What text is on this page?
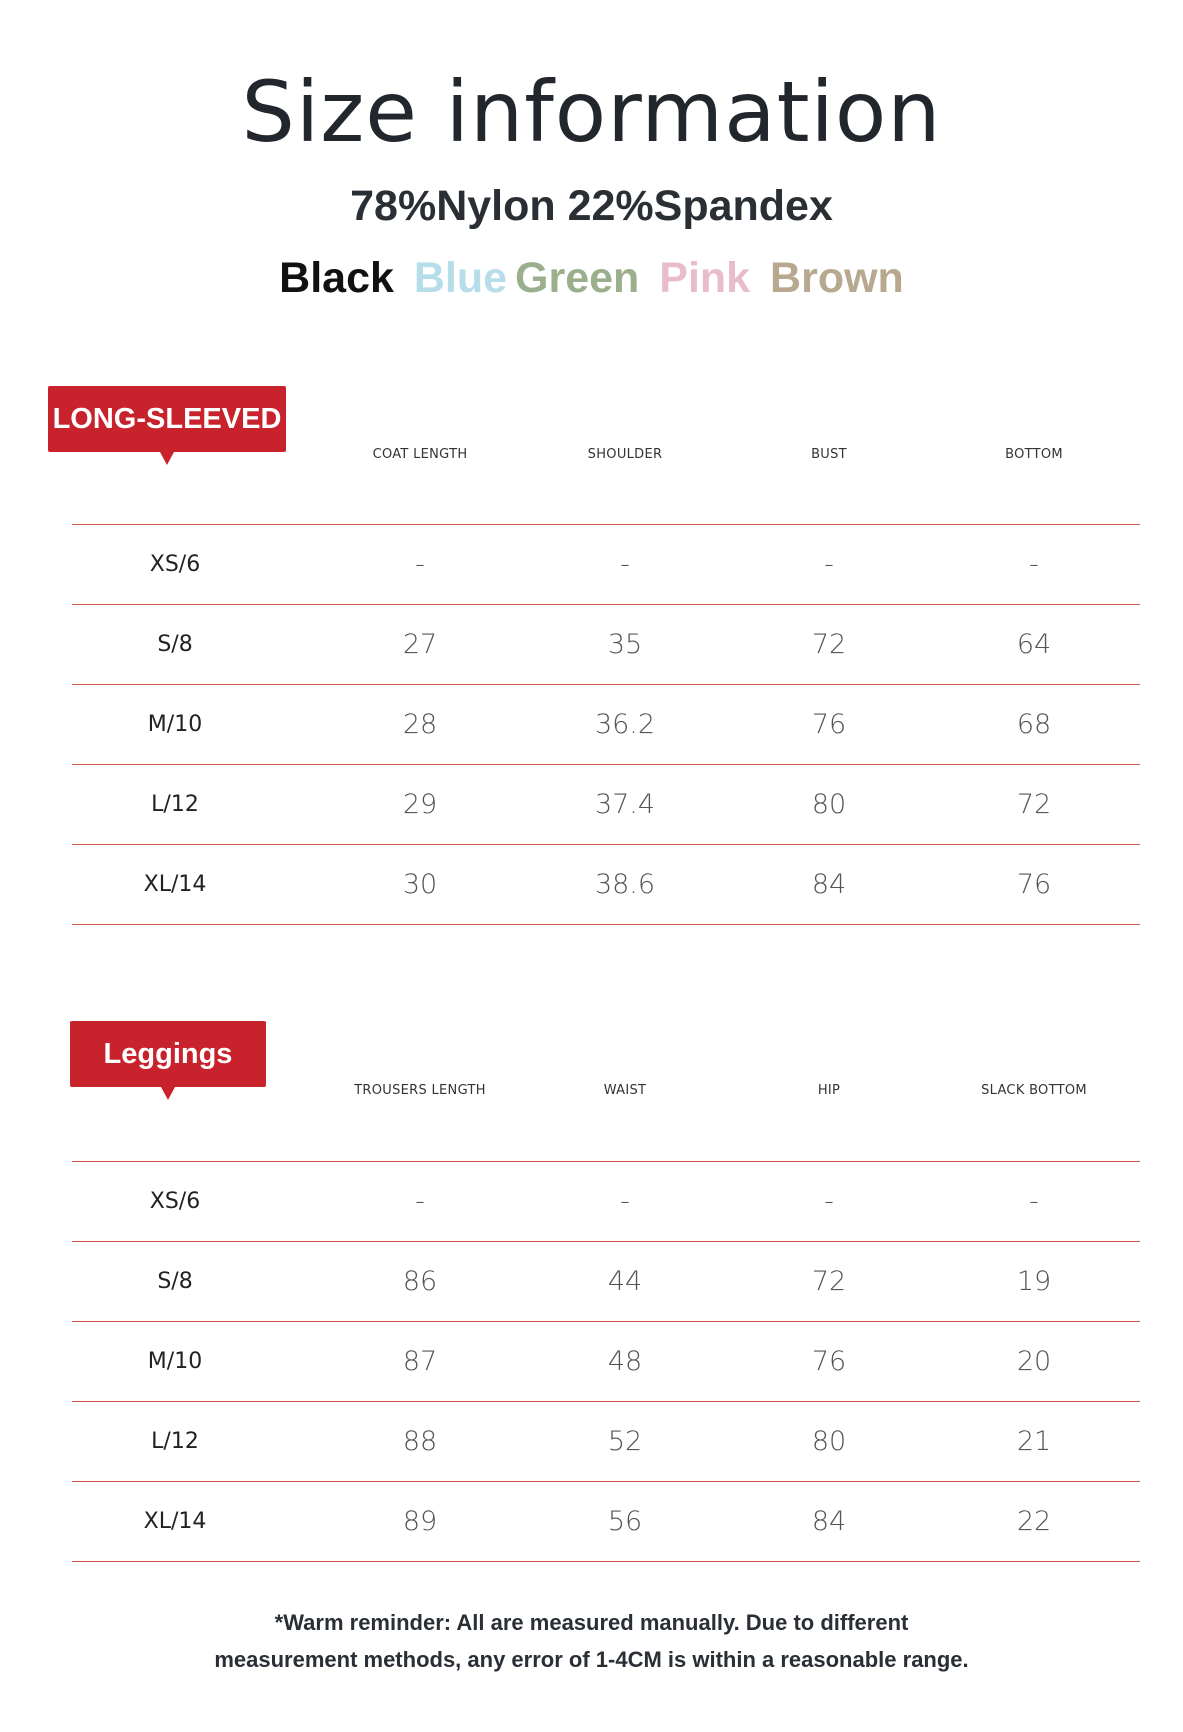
Size information
78%Nylon 22%Spandex
Black Blue Green Pink Brown
LONG-SLEEVED
COAT LENGTH	SHOULDER	BUST	BOTTOM
XS/6	-	-	-	-
S/8	27	35	72	64
M/10	28	36.2	76	68
L/12	29	37.4	80	72
XL/14	30	38.6	84	76
Leggings
TROUSERS LENGTH	WAIST	HIP	SLACK BOTTOM
XS/6	-	-	-	-
S/8	86	44	72	19
M/10	87	48	76	20
L/12	88	52	80	21
XL/14	89	56	84	22
*Warm reminder: All are measured manually. Due to different
measurement methods, any error of 1-4CM is within a reasonable range.
